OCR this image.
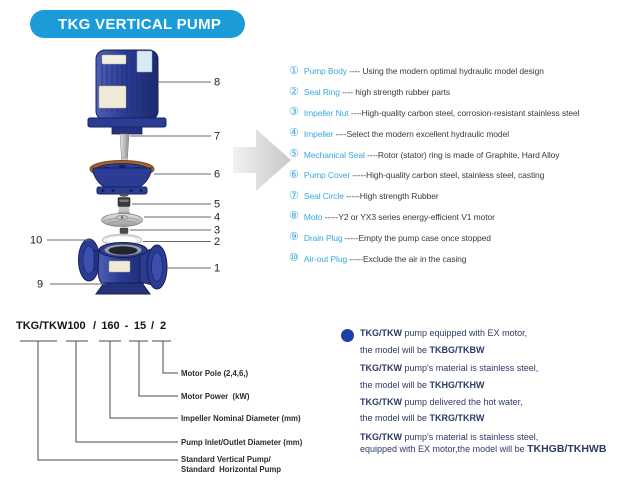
TKG VERTICAL PUMP
8
7
6
5
4
3
2
1
10
9
① Pump Body ---- Using the modern optimal hydraulic model design
② Seal Ring ---- high strength rubber parts
③ Impeller Nut ----High-quality carbon steel, corrosion-resistant stainless steel
④ Impeller ----Select the modern excellent hydraulic model
⑤ Mechanical Seal ----Rotor (stator) ring is made of Graphite, Hard Alloy
⑥ Pump Cover -----High-quality carbon steel, stainless steel, casting
⑦ Seal Circle -----High strength Rubber
⑧ Moto -----Y2 or YX3 series energy-efficient V1 motor
⑨ Drain Plug -----Empty the pump case once stopped
⑩ Air-out Plug -----Exclude the air in the casing
TKG/TKW 100 / 160 - 15 / 2
Motor Pole (2,4,6,)
Motor Power  (kW)
Impeller Nominal Diameter (mm)
Pump Inlet/Outlet Diameter (mm)
Standard Vertical Pump/
Standard  Horizontal Pump
TKG/TKW pump equipped with EX motor,
the model will be TKBG/TKBW
TKG/TKW pump's material is stainless steel,
the model will be TKHG/TKHW
TKG/TKW pump delivered the hot water,
the model will be TKRG/TKRW
TKG/TKW pump's material is stainless steel,
equipped with EX motor,the model will be TKHGB/TKHWB
